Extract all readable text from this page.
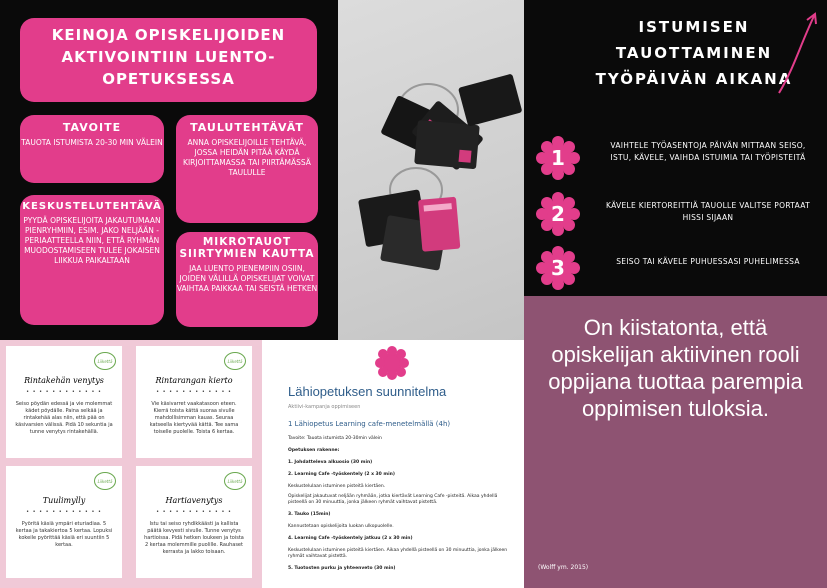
KEINOJA OPISKELIJOIDEN AKTIVOINTIIN LUENTO-OPETUKSESSA
TAVOITE
TAUOTA ISTUMISTA 20-30 MIN VÄLEIN
TAULUTEHTÄVÄT
ANNA OPISKELIJOILLE TEHTÄVÄ, JOSSA HEIDÄN PITÄÄ KÄYDÄ KIRJOITTAMASSA TAI PIIRTÄMÄSSÄ TAULULLE
KESKUSTELUTEHTÄVÄ
PYYDÄ OPISKELIJOITA JAKAUTUMAAN PIENRYHMIIN, ESIM. JAKO NELJÄÄN -PERIAATTEELLA NIIN, ETTÄ RYHMÄN MUODOSTAMISEEN TULEE JOKAISEN LIIKKUA PAIKALTAAN
MIKROTAUOT SIIRTYMIEN KAUTTA
JAA LUENTO PIENEMPIIN OSIIN, JOIDEN VÄLILLÄ OPISKELIJAT VOIVAT VAIHTAA PAIKKAA TAI SEISTÄ HETKEN
ISTUMISEN TAUOTTAMINEN TYÖPÄIVÄN AIKANA
1
VAIHTELE TYÖASENTOJA PÄIVÄN MITTAAN SEISO, ISTU, KÄVELE, VAIHDA ISTUIMIA TAI TYÖPISTEITÄ
2	KÄVELE KIERTOREITTIÄ TAUOLLE VALITSE PORTAAT HISSI SIJAAN
3	SEISO TAI KÄVELE PUHUESSASI PUHELIMESSA
On kiistatonta, että opiskelijan aktiivinen rooli oppijana tuottaa parempia oppimisen tuloksia.
(Wolff ym. 2015)
Liikettä
Rintakehän venytys
• • • • • • • • • • • •
Seiso pöydän edessä ja vie molemmat kädet pöydälle. Paina selkää ja rintakehää alas niin, että pää on käsivarsien välissä. Pidä 10 sekuntia ja tunne venytys rintakehällä.
Liikettä
Rintarangan kierto
• • • • • • • • • • • •
Vie käsivarret vaakatasoon eteen. Kierrä toista kättä suoraa sivulle mahdollisimman kauas. Seuraa katseella kiertyvää kättä. Tee sama toiselle puolelle. Toista 6 kertaa.
Liikettä
Tuulimylly
• • • • • • • • • • • •
Pyöritä käsiä ympäri eturiadiaa. 5 kertaa ja takakiertoa 5 kertaa. Lopuksi kokeile pyörittää käsiä eri suuntiin 5 kertaa.
Liikettä
Hartiavenytys
• • • • • • • • • • • •
Istu tai seiso ryhdikkäästi ja kallista päätä kevyesti sivulle. Tunne venytys hartioissa. Pidä hetken loukeen ja toista 2 kertaa molemmille puolille. Rauhaset kerrasta ja lakko toisaan.
Lähiopetuksen suunnitelma
Aktiivi-kampanja oppimiseen
1 Lähiopetus Learning cafe-menetelmällä (4h)
Tavoite: Tauota istumista 20-30min välein
Opetuksen rakenne:
1. Johdatteleva alkuosio (30 min)
2. Learning Cafe -työskentely (2 x 30 min)
Keskustelulaan istuminen pisteitä kiertäen.
Opiskelijat jakautuvat neljään ryhmään, jotka kiertävät Learning Cafe -pisteitä. Aikaa yhdellä pisteellä on 30 minuuttia, jonka jälkeen ryhmät vaihtavat pistettä.
3. Tauko (15min)
Kannustetaan opiskelijoita luokan ulkopuolelle.
4. Learning Cafe -työskentely jatkuu (2 x 30 min)
Keskustelulaan istuminen pisteitä kiertäen. Aikaa yhdellä pisteellä on 30 minuuttia, jonka jälkeen ryhmät vaihtavat pistettä.
5. Tuotosten purku ja yhteenveto (30 min)
